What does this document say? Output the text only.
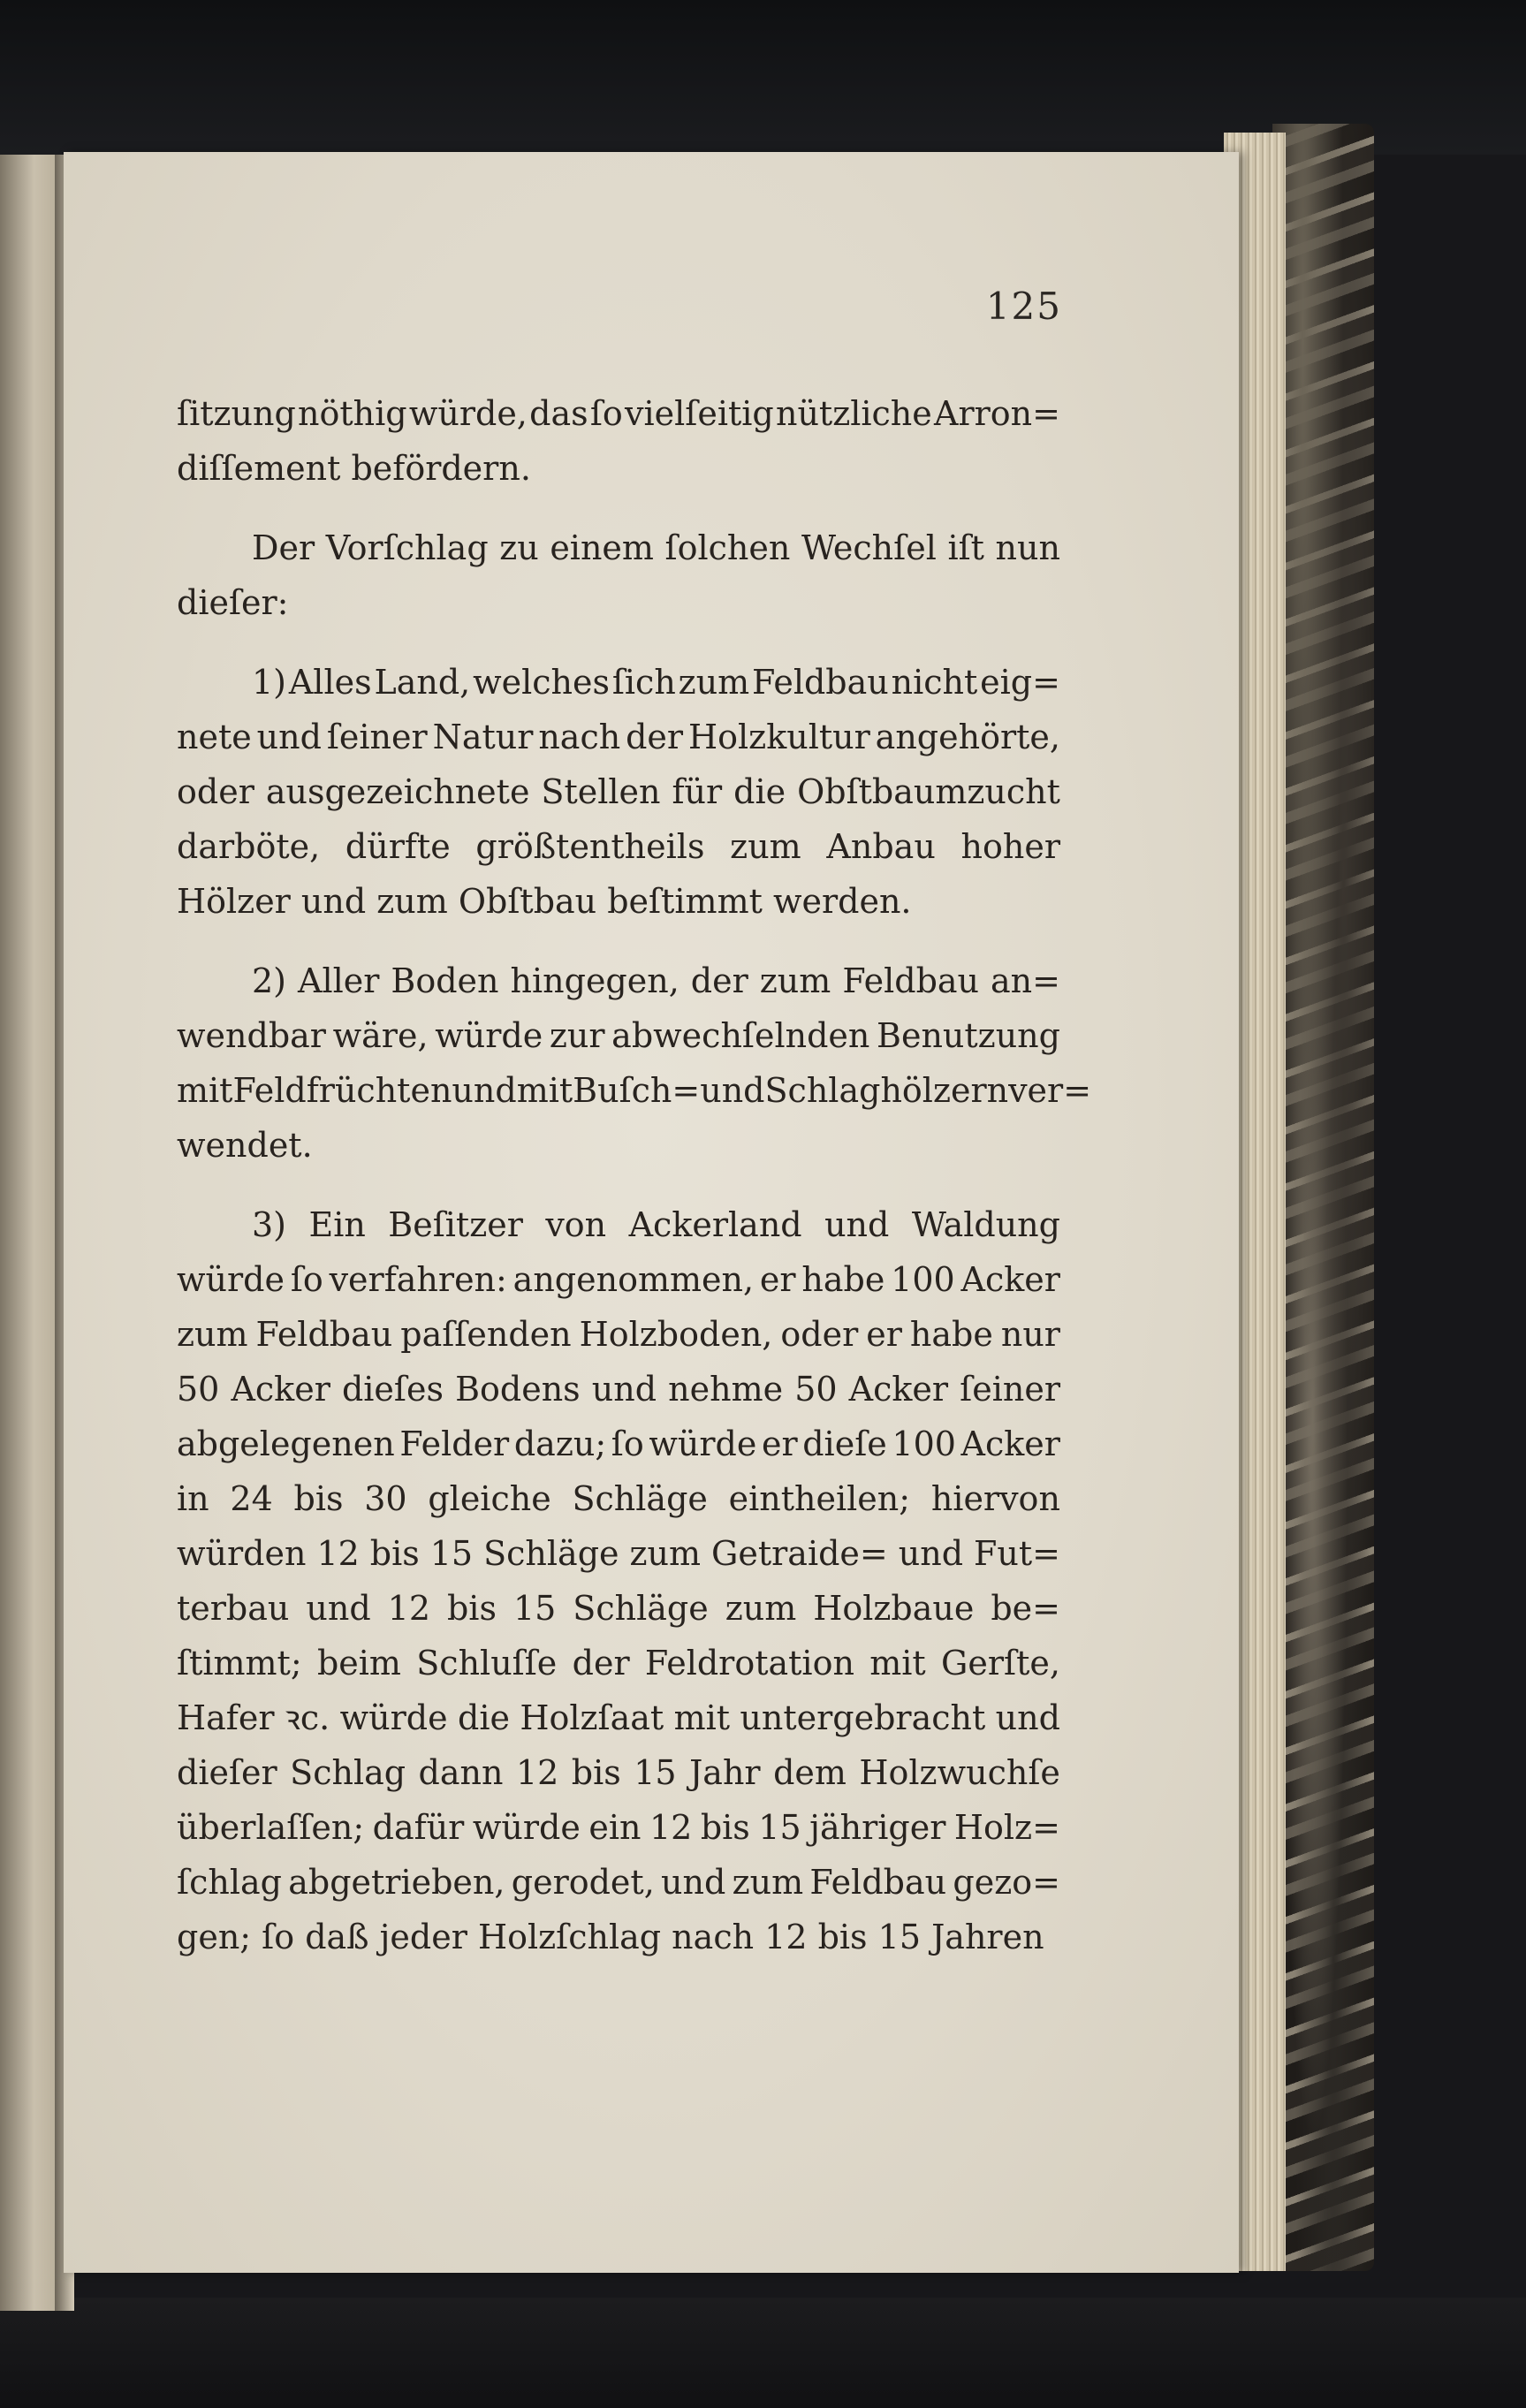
125
ſitzung nöthig würde, das ſo vielſeitig nützliche Arron=
diſſement befördern.
Der Vorſchlag zu einem ſolchen Wechſel iſt nun
dieſer:
1) Alles Land, welches ſich zum Feldbau nicht eig=
nete und ſeiner Natur nach der Holzkultur angehörte,
oder ausgezeichnete Stellen für die Obſtbaumzucht
darböte, dürfte größtentheils zum Anbau hoher
Hölzer und zum Obſtbau beſtimmt werden.
2) Aller Boden hingegen, der zum Feldbau an=
wendbar wäre, würde zur abwechſelnden Benutzung
mit Feldfrüchten und mit Buſch= und Schlaghölzern ver=
wendet.
3) Ein Beſitzer von Ackerland und Waldung
würde ſo verfahren: angenommen, er habe 100 Acker
zum Feldbau paſſenden Holzboden, oder er habe nur
50 Acker dieſes Bodens und nehme 50 Acker ſeiner
abgelegenen Felder dazu; ſo würde er dieſe 100 Acker
in 24 bis 30 gleiche Schläge eintheilen; hiervon
würden 12 bis 15 Schläge zum Getraide= und Fut=
terbau und 12 bis 15 Schläge zum Holzbaue be=
ſtimmt; beim Schluſſe der Feldrotation mit Gerſte,
Hafer ꝛc. würde die Holzſaat mit untergebracht und
dieſer Schlag dann 12 bis 15 Jahr dem Holzwuchſe
überlaſſen; dafür würde ein 12 bis 15 jähriger Holz=
ſchlag abgetrieben, gerodet, und zum Feldbau gezo=
gen; ſo daß jeder Holzſchlag nach 12 bis 15 Jahren
